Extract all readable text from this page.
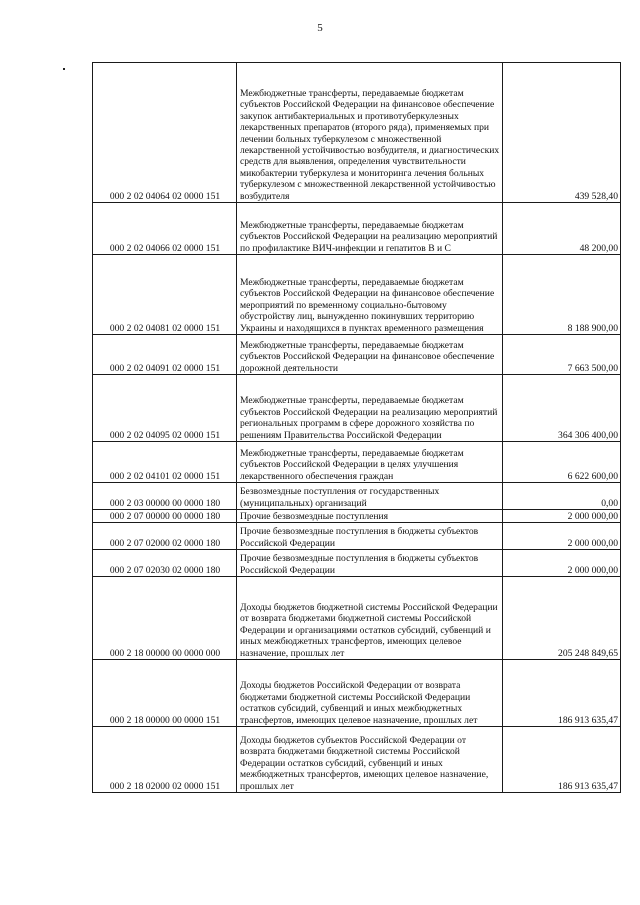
5
000 2 02 04064 02 0000 151	Межбюджетные трансферты, передаваемые бюджетам субъектов Российской Федерации на финансовое обеспечение закупок антибактериальных и противотуберкулезных лекарственных препаратов (второго ряда), применяемых при лечении больных туберкулезом с множественной лекарственной устойчивостью возбудителя, и диагностических средств для выявления, определения чувствительности микобактерии туберкулеза и мониторинга лечения больных туберкулезом с множественной лекарственной устойчивостью возбудителя	439 528,40
000 2 02 04066 02 0000 151	Межбюджетные трансферты, передаваемые бюджетам субъектов Российской Федерации на реализацию мероприятий по профилактике ВИЧ-инфекции и гепатитов В и С	48 200,00
000 2 02 04081 02 0000 151	Межбюджетные трансферты, передаваемые бюджетам субъектов Российской Федерации на финансовое обеспечение мероприятий по временному социально-бытовому обустройству лиц, вынужденно покинувших территорию Украины и находящихся в пунктах временного размещения	8 188 900,00
000 2 02 04091 02 0000 151	Межбюджетные трансферты, передаваемые бюджетам субъектов Российской Федерации на финансовое обеспечение дорожной деятельности	7 663 500,00
000 2 02 04095 02 0000 151	Межбюджетные трансферты, передаваемые бюджетам субъектов Российской Федерации на реализацию мероприятий региональных программ в сфере дорожного хозяйства по решениям Правительства Российской Федерации	364 306 400,00
000 2 02 04101 02 0000 151	Межбюджетные трансферты, передаваемые бюджетам субъектов Российской Федерации в целях улучшения лекарственного обеспечения граждан	6 622 600,00
000 2 03 00000 00 0000 180	Безвозмездные поступления от государственных (муниципальных) организаций	0,00
000 2 07 00000 00 0000 180	Прочие безвозмездные поступления	2 000 000,00
000 2 07 02000 02 0000 180	Прочие безвозмездные поступления в бюджеты субъектов Российской Федерации	2 000 000,00
000 2 07 02030 02 0000 180	Прочие безвозмездные поступления в бюджеты субъектов Российской Федерации	2 000 000,00
000 2 18 00000 00 0000 000	Доходы бюджетов бюджетной системы Российской Федерации от возврата бюджетами бюджетной системы Российской Федерации и организациями остатков субсидий, субвенций и иных межбюджетных трансфертов, имеющих целевое назначение, прошлых лет	205 248 849,65
000 2 18 00000 00 0000 151	Доходы бюджетов Российской Федерации от возврата бюджетами бюджетной системы Российской Федерации остатков субсидий, субвенций и иных межбюджетных трансфертов, имеющих целевое назначение, прошлых лет	186 913 635,47
000 2 18 02000 02 0000 151	Доходы бюджетов субъектов Российской Федерации от возврата бюджетами бюджетной системы Российской Федерации остатков субсидий, субвенций и иных межбюджетных трансфертов, имеющих целевое назначение, прошлых лет	186 913 635,47
